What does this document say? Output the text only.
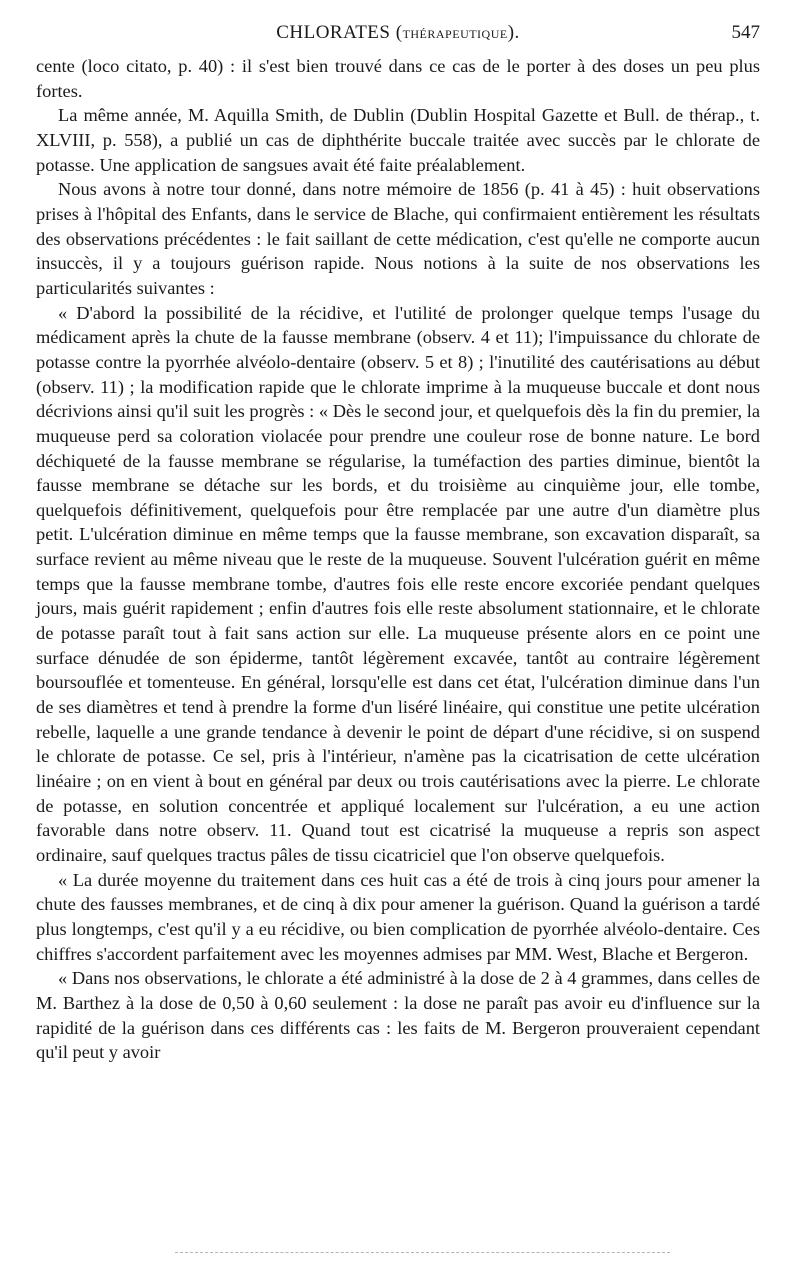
CHLORATES (THÉRAPEUTIQUE).	547

cente (loco citato, p. 40) : il s'est bien trouvé dans ce cas de le porter à des doses un peu plus fortes.

La même année, M. Aquilla Smith, de Dublin (Dublin Hospital Gazette et Bull. de thérap., t. XLVIII, p. 558), a publié un cas de diphthérite buccale traitée avec succès par le chlorate de potasse. Une application de sangsues avait été faite préalablement.

Nous avons à notre tour donné, dans notre mémoire de 1856 (p. 41 à 45) : huit observations prises à l'hôpital des Enfants, dans le service de Blache, qui confirmaient entièrement les résultats des observations précédentes : le fait saillant de cette médication, c'est qu'elle ne comporte aucun insuccès, il y a toujours guérison rapide. Nous notions à la suite de nos observations les particularités suivantes :

« D'abord la possibilité de la récidive, et l'utilité de prolonger quelque temps l'usage du médicament après la chute de la fausse membrane (observ. 4 et 11); l'impuissance du chlorate de potasse contre la pyorrhée alvéolo-dentaire (observ. 5 et 8) ; l'inutilité des cautérisations au début (observ. 11) ; la modification rapide que le chlorate imprime à la muqueuse buccale et dont nous décrivions ainsi qu'il suit les progrès : « Dès le second jour, et quelquefois dès la fin du premier, la muqueuse perd sa coloration violacée pour prendre une couleur rose de bonne nature. Le bord déchiqueté de la fausse membrane se régularise, la tuméfaction des parties diminue, bientôt la fausse membrane se détache sur les bords, et du troisième au cinquième jour, elle tombe, quelquefois définitivement, quelquefois pour être remplacée par une autre d'un diamètre plus petit. L'ulcération diminue en même temps que la fausse membrane, son excavation disparaît, sa surface revient au même niveau que le reste de la muqueuse. Souvent l'ulcération guérit en même temps que la fausse membrane tombe, d'autres fois elle reste encore excoriée pendant quelques jours, mais guérit rapidement ; enfin d'autres fois elle reste absolument stationnaire, et le chlorate de potasse paraît tout à fait sans action sur elle. La muqueuse présente alors en ce point une surface dénudée de son épiderme, tantôt légèrement excavée, tantôt au contraire légèrement boursouflée et tomenteuse. En général, lorsqu'elle est dans cet état, l'ulcération diminue dans l'un de ses diamètres et tend à prendre la forme d'un liséré linéaire, qui constitue une petite ulcération rebelle, laquelle a une grande tendance à devenir le point de départ d'une récidive, si on suspend le chlorate de potasse. Ce sel, pris à l'intérieur, n'amène pas la cicatrisation de cette ulcération linéaire ; on en vient à bout en général par deux ou trois cautérisations avec la pierre. Le chlorate de potasse, en solution concentrée et appliqué localement sur l'ulcération, a eu une action favorable dans notre observ. 11. Quand tout est cicatrisé la muqueuse a repris son aspect ordinaire, sauf quelques tractus pâles de tissu cicatriciel que l'on observe quelquefois.

« La durée moyenne du traitement dans ces huit cas a été de trois à cinq jours pour amener la chute des fausses membranes, et de cinq à dix pour amener la guérison. Quand la guérison a tardé plus longtemps, c'est qu'il y a eu récidive, ou bien complication de pyorrhée alvéolo-dentaire. Ces chiffres s'accordent parfaitement avec les moyennes admises par MM. West, Blache et Bergeron.

« Dans nos observations, le chlorate a été administré à la dose de 2 à 4 grammes, dans celles de M. Barthez à la dose de 0,50 à 0,60 seulement : la dose ne paraît pas avoir eu d'influence sur la rapidité de la guérison dans ces différents cas : les faits de M. Bergeron prouveraient cependant qu'il peut y avoir
